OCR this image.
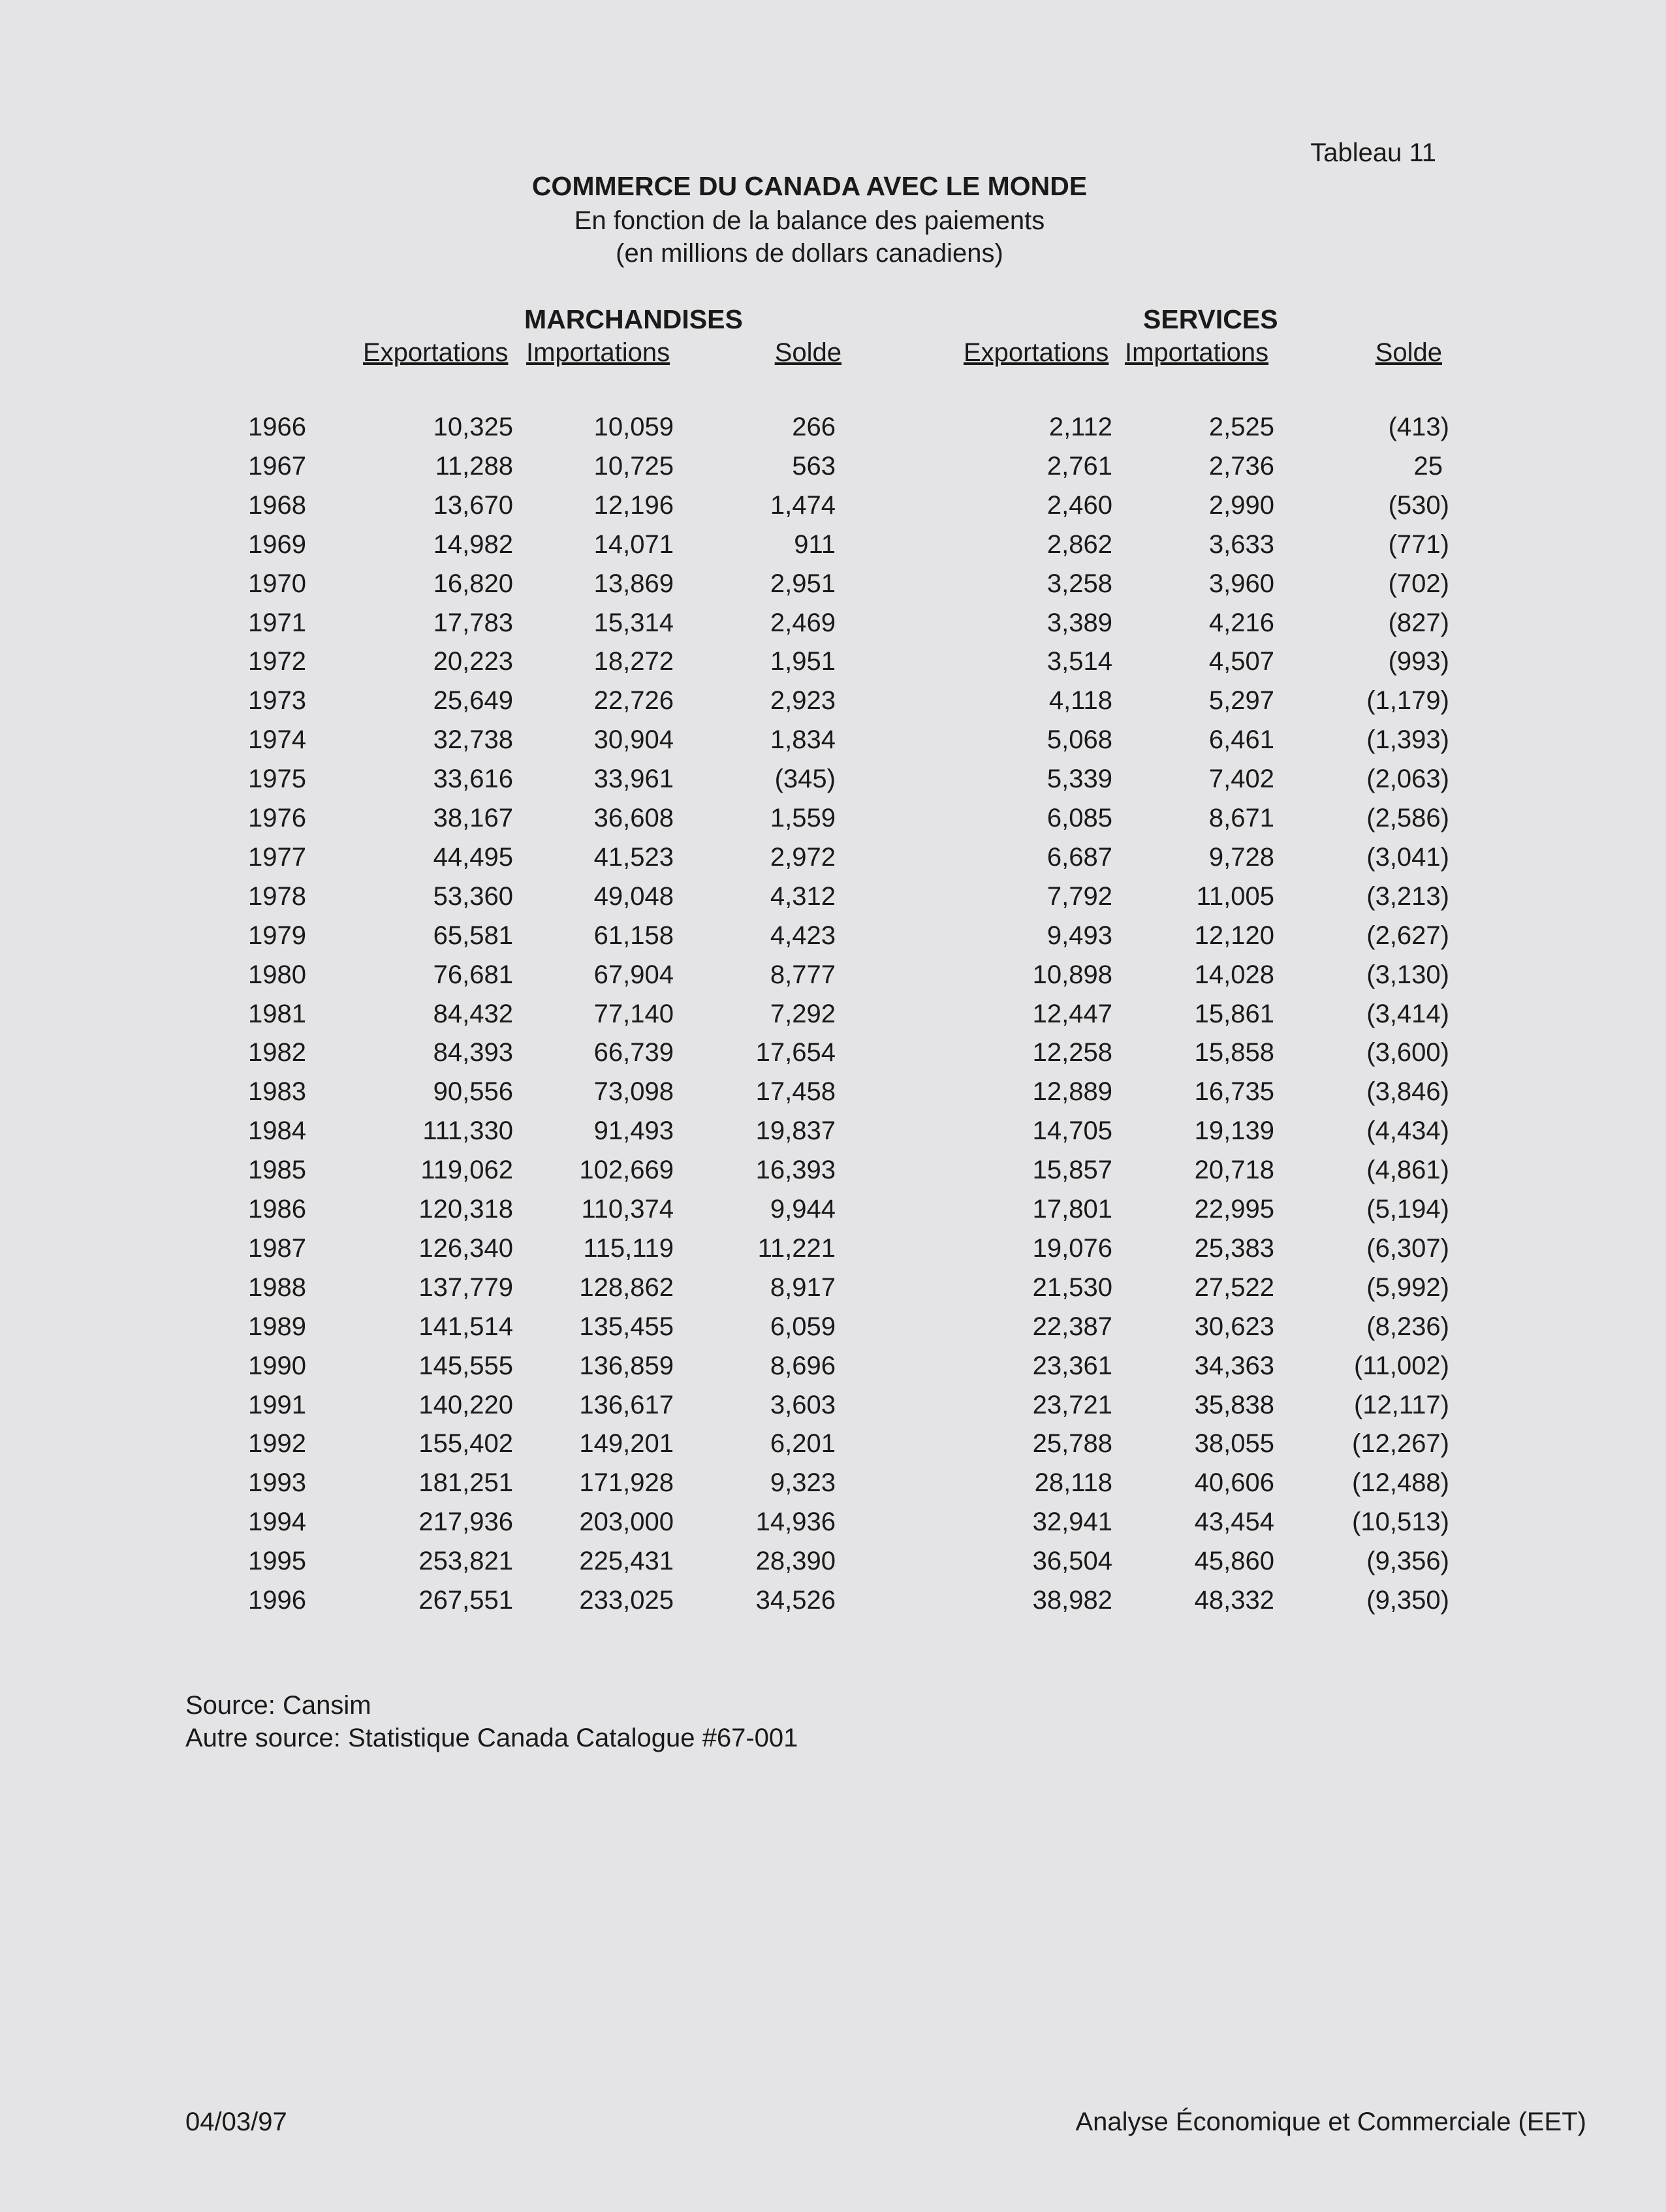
Tableau 11
COMMERCE DU CANADA AVEC LE MONDE
En fonction de la balance des paiements
(en millions de dollars canadiens)
MARCHANDISES	SERVICES
Exportations Importations	Solde	Exportations Importations	Solde
1966	10,325	10,059	266	2,112	2,525	(413)
1967	11,288	10,725	563	2,761	2,736	25
1968	13,670	12,196	1,474	2,460	2,990	(530)
1969	14,982	14,071	911	2,862	3,633	(771)
1970	16,820	13,869	2,951	3,258	3,960	(702)
1971	17,783	15,314	2,469	3,389	4,216	(827)
1972	20,223	18,272	1,951	3,514	4,507	(993)
1973	25,649	22,726	2,923	4,118	5,297	(1,179)
1974	32,738	30,904	1,834	5,068	6,461	(1,393)
1975	33,616	33,961	(345)	5,339	7,402	(2,063)
1976	38,167	36,608	1,559	6,085	8,671	(2,586)
1977	44,495	41,523	2,972	6,687	9,728	(3,041)
1978	53,360	49,048	4,312	7,792	11,005	(3,213)
1979	65,581	61,158	4,423	9,493	12,120	(2,627)
1980	76,681	67,904	8,777	10,898	14,028	(3,130)
1981	84,432	77,140	7,292	12,447	15,861	(3,414)
1982	84,393	66,739	17,654	12,258	15,858	(3,600)
1983	90,556	73,098	17,458	12,889	16,735	(3,846)
1984	111,330	91,493	19,837	14,705	19,139	(4,434)
1985	119,062	102,669	16,393	15,857	20,718	(4,861)
1986	120,318	110,374	9,944	17,801	22,995	(5,194)
1987	126,340	115,119	11,221	19,076	25,383	(6,307)
1988	137,779	128,862	8,917	21,530	27,522	(5,992)
1989	141,514	135,455	6,059	22,387	30,623	(8,236)
1990	145,555	136,859	8,696	23,361	34,363	(11,002)
1991	140,220	136,617	3,603	23,721	35,838	(12,117)
1992	155,402	149,201	6,201	25,788	38,055	(12,267)
1993	181,251	171,928	9,323	28,118	40,606	(12,488)
1994	217,936	203,000	14,936	32,941	43,454	(10,513)
1995	253,821	225,431	28,390	36,504	45,860	(9,356)
1996	267,551	233,025	34,526	38,982	48,332	(9,350)
Source: Cansim
Autre source: Statistique Canada Catalogue #67-001
04/03/97	Analyse Économique et Commerciale (EET)
